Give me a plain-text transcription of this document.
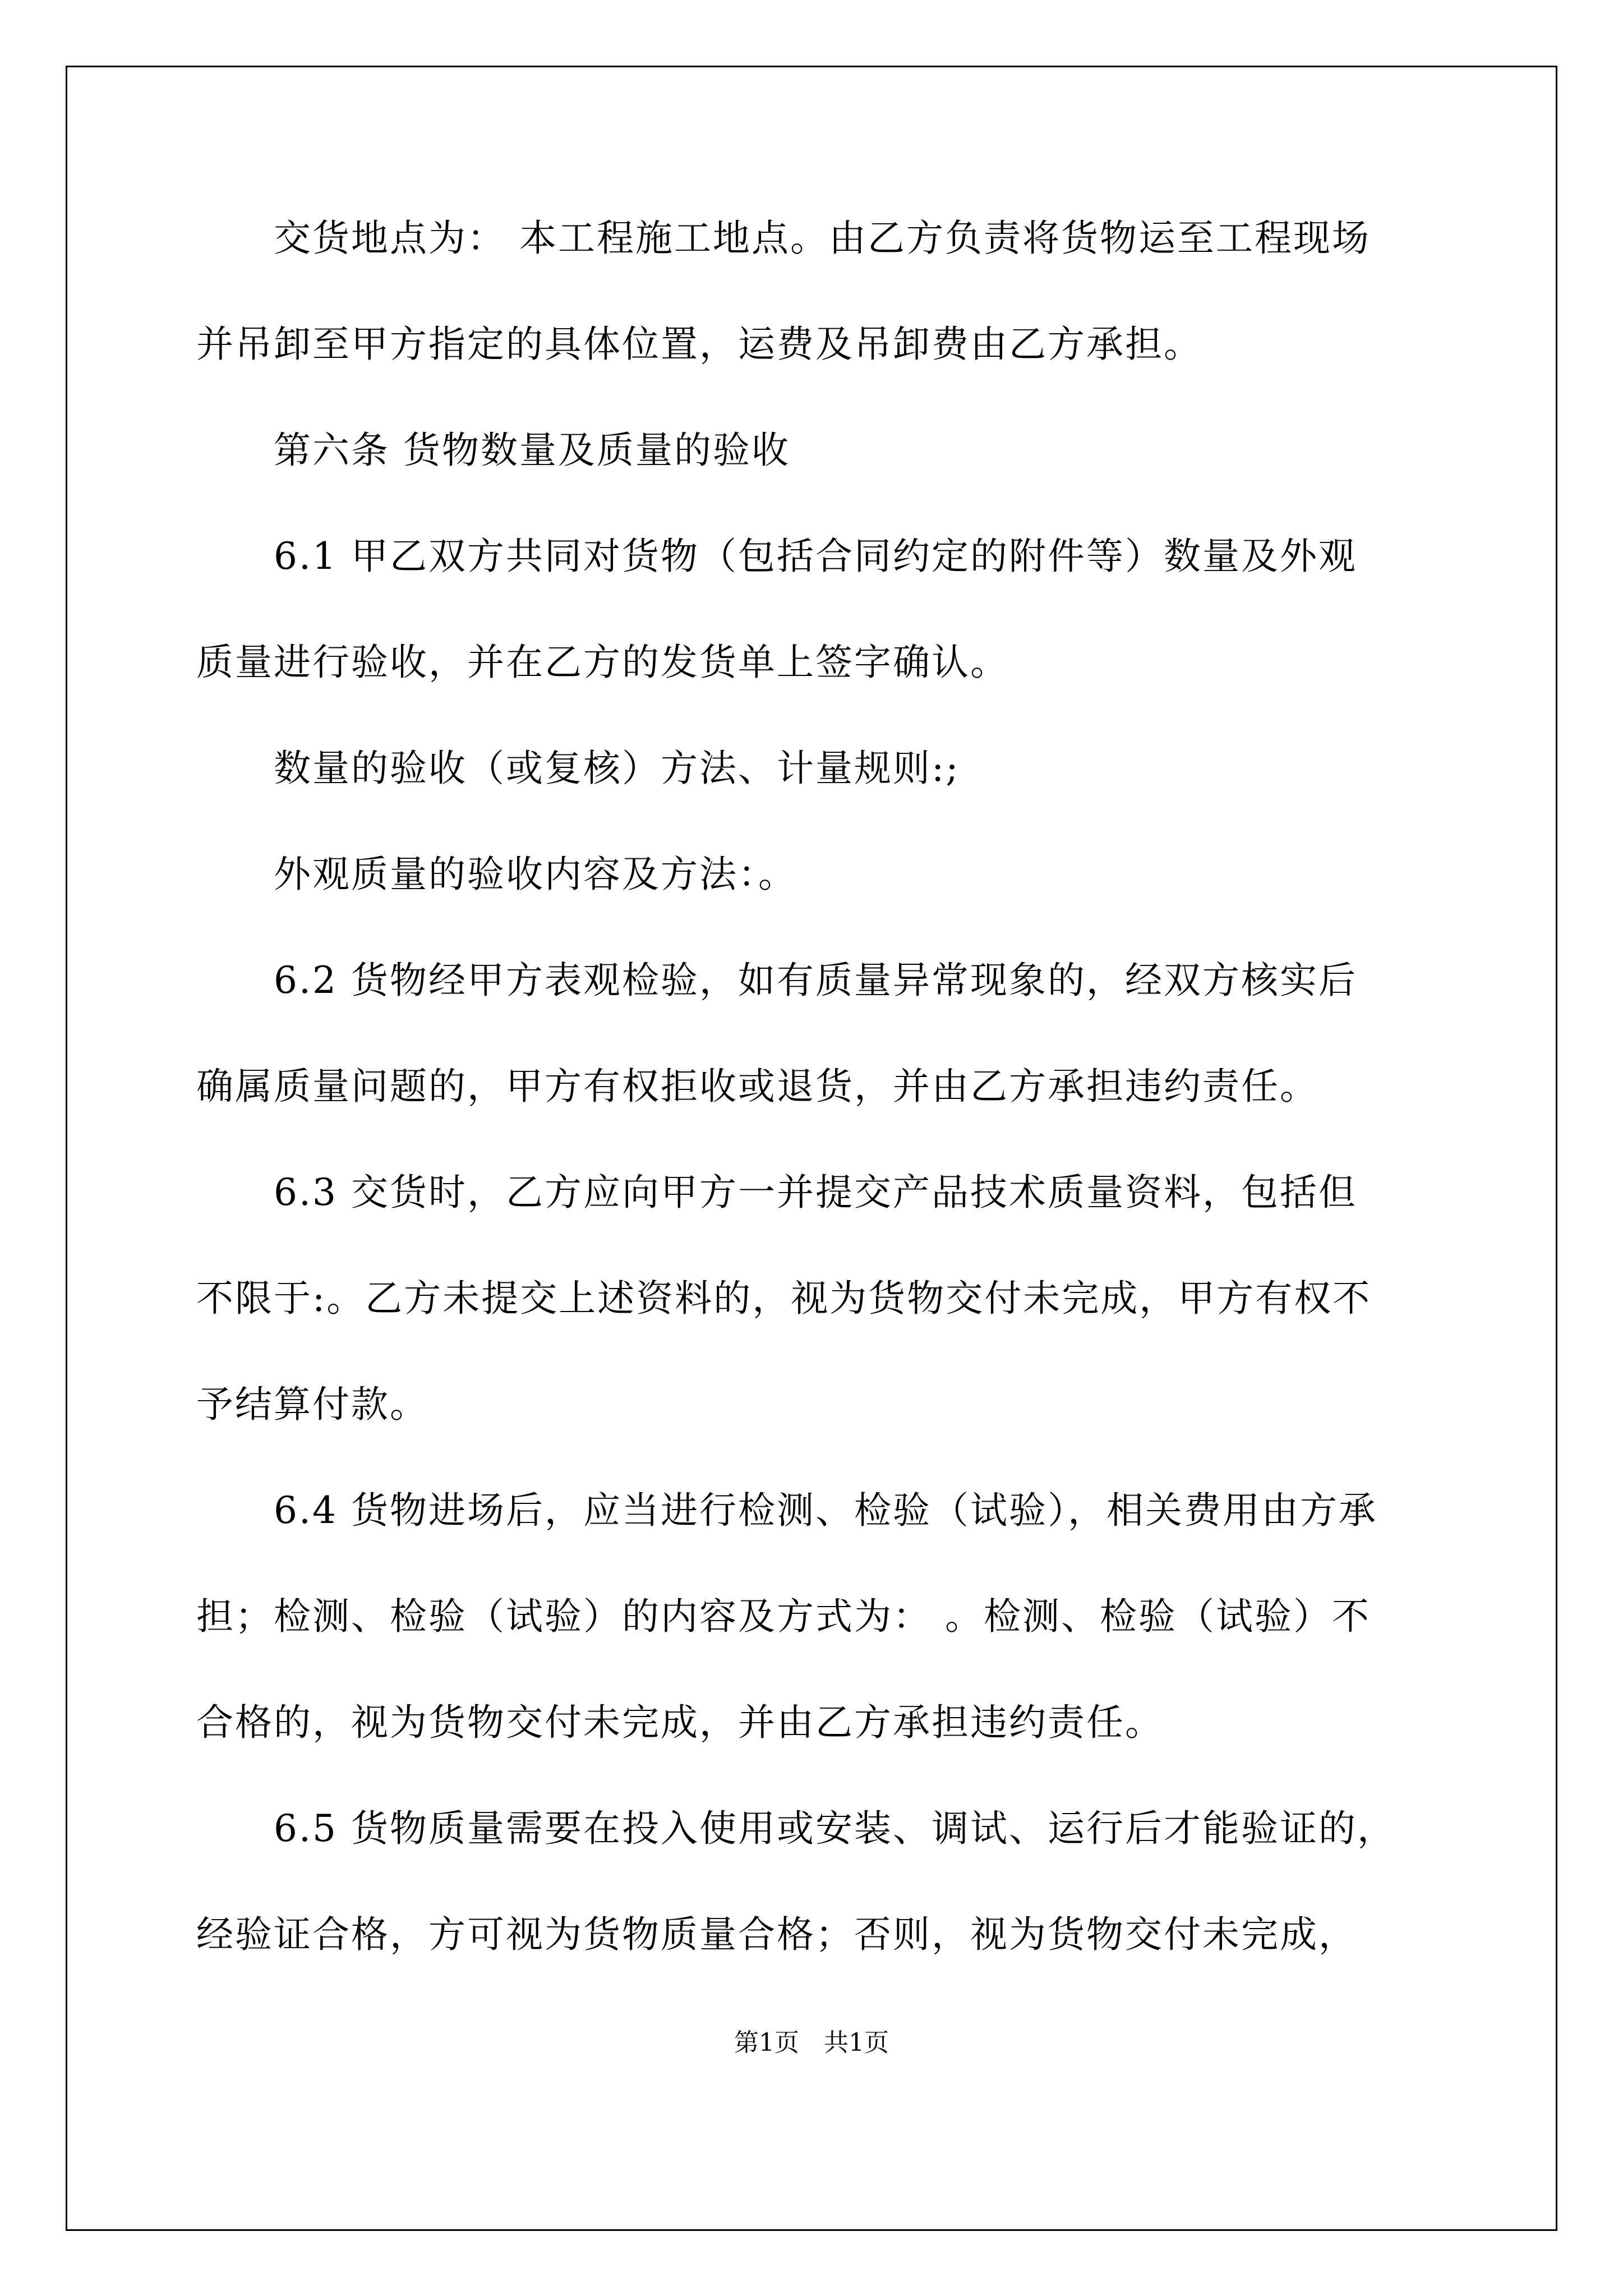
　　交货地点为： 本工程施工地点。由乙方负责将货物运至工程现场
并吊卸至甲方指定的具体位置，运费及吊卸费由乙方承担。
　　第六条 货物数量及质量的验收
　　6.1 甲乙双方共同对货物（包括合同约定的附件等）数量及外观
质量进行验收，并在乙方的发货单上签字确认。
　　数量的验收（或复核）方法、计量规则:;
　　外观质量的验收内容及方法：。
　　6.2 货物经甲方表观检验，如有质量异常现象的，经双方核实后
确属质量问题的，甲方有权拒收或退货，并由乙方承担违约责任。
　　6.3 交货时，乙方应向甲方一并提交产品技术质量资料，包括但
不限于:。乙方未提交上述资料的，视为货物交付未完成，甲方有权不
予结算付款。
　　6.4 货物进场后，应当进行检测、检验（试验），相关费用由方承
担；检测、检验（试验）的内容及方式为： 。检测、检验（试验）不
合格的，视为货物交付未完成，并由乙方承担违约责任。
　　6.5 货物质量需要在投入使用或安装、调试、运行后才能验证的，
经验证合格，方可视为货物质量合格；否则，视为货物交付未完成，
第1页　共1页
